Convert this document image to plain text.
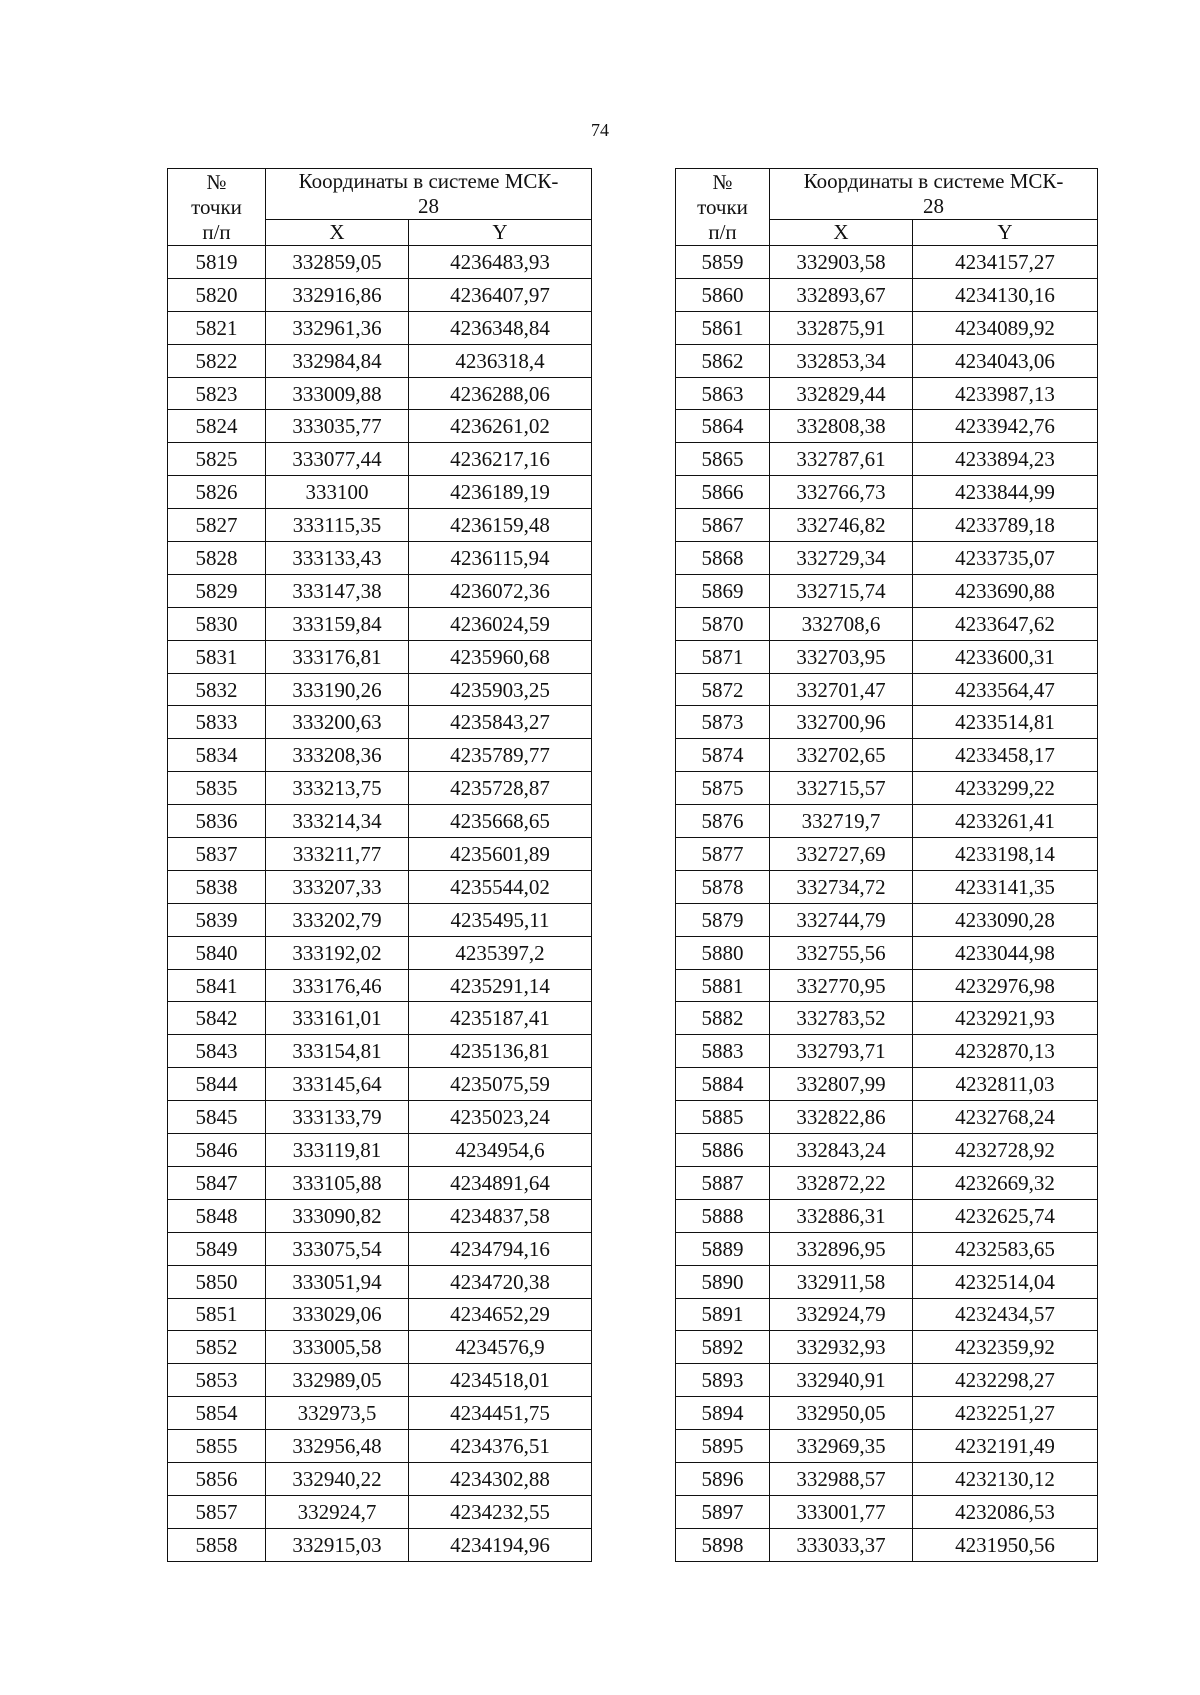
74
№
точки
п/п	Координаты в системе МСК-
28	
	X	Y
5819	332859,05	4236483,93
5820	332916,86	4236407,97
5821	332961,36	4236348,84
5822	332984,84	4236318,4
5823	333009,88	4236288,06
5824	333035,77	4236261,02
5825	333077,44	4236217,16
5826	333100	4236189,19
5827	333115,35	4236159,48
5828	333133,43	4236115,94
5829	333147,38	4236072,36
5830	333159,84	4236024,59
5831	333176,81	4235960,68
5832	333190,26	4235903,25
5833	333200,63	4235843,27
5834	333208,36	4235789,77
5835	333213,75	4235728,87
5836	333214,34	4235668,65
5837	333211,77	4235601,89
5838	333207,33	4235544,02
5839	333202,79	4235495,11
5840	333192,02	4235397,2
5841	333176,46	4235291,14
5842	333161,01	4235187,41
5843	333154,81	4235136,81
5844	333145,64	4235075,59
5845	333133,79	4235023,24
5846	333119,81	4234954,6
5847	333105,88	4234891,64
5848	333090,82	4234837,58
5849	333075,54	4234794,16
5850	333051,94	4234720,38
5851	333029,06	4234652,29
5852	333005,58	4234576,9
5853	332989,05	4234518,01
5854	332973,5	4234451,75
5855	332956,48	4234376,51
5856	332940,22	4234302,88
5857	332924,7	4234232,55
5858	332915,03	4234194,96
№
точки
п/п	Координаты в системе МСК-
28	
	X	Y
5859	332903,58	4234157,27
5860	332893,67	4234130,16
5861	332875,91	4234089,92
5862	332853,34	4234043,06
5863	332829,44	4233987,13
5864	332808,38	4233942,76
5865	332787,61	4233894,23
5866	332766,73	4233844,99
5867	332746,82	4233789,18
5868	332729,34	4233735,07
5869	332715,74	4233690,88
5870	332708,6	4233647,62
5871	332703,95	4233600,31
5872	332701,47	4233564,47
5873	332700,96	4233514,81
5874	332702,65	4233458,17
5875	332715,57	4233299,22
5876	332719,7	4233261,41
5877	332727,69	4233198,14
5878	332734,72	4233141,35
5879	332744,79	4233090,28
5880	332755,56	4233044,98
5881	332770,95	4232976,98
5882	332783,52	4232921,93
5883	332793,71	4232870,13
5884	332807,99	4232811,03
5885	332822,86	4232768,24
5886	332843,24	4232728,92
5887	332872,22	4232669,32
5888	332886,31	4232625,74
5889	332896,95	4232583,65
5890	332911,58	4232514,04
5891	332924,79	4232434,57
5892	332932,93	4232359,92
5893	332940,91	4232298,27
5894	332950,05	4232251,27
5895	332969,35	4232191,49
5896	332988,57	4232130,12
5897	333001,77	4232086,53
5898	333033,37	4231950,56
